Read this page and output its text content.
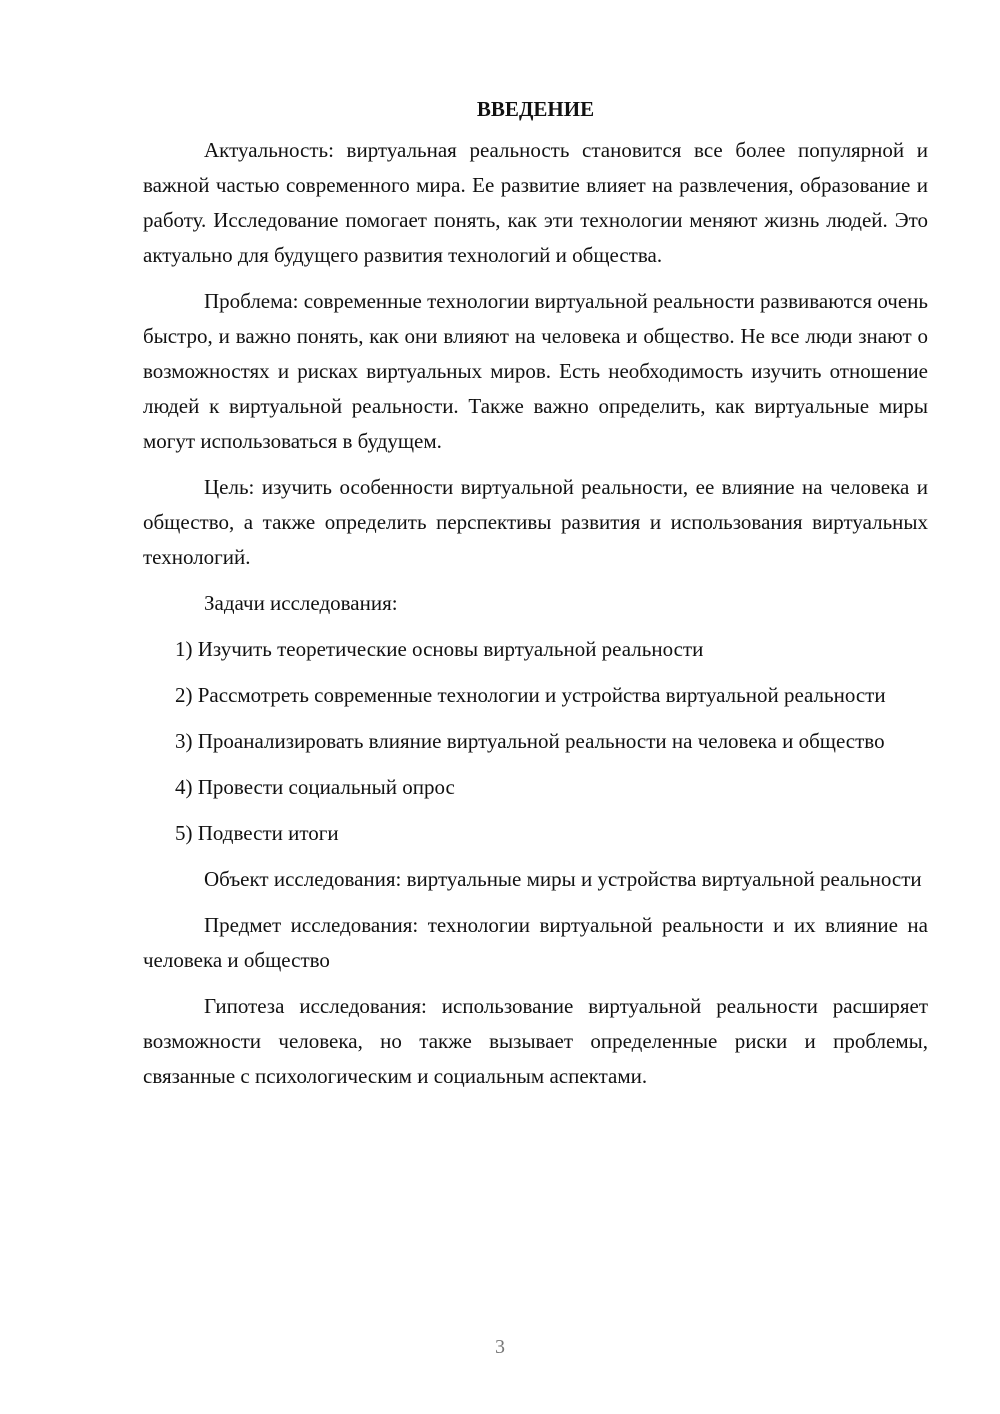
ВВЕДЕНИЕ

Актуальность: виртуальная реальность становится все более популярной и важной частью современного мира. Ее развитие влияет на развлечения, образование и работу. Исследование помогает понять, как эти технологии меняют жизнь людей. Это актуально для будущего развития технологий и общества.

Проблема: современные технологии виртуальной реальности развиваются очень быстро, и важно понять, как они влияют на человека и общество. Не все люди знают о возможностях и рисках виртуальных миров. Есть необходимость изучить отношение людей к виртуальной реальности. Также важно определить, как виртуальные миры могут использоваться в будущем.

Цель: изучить особенности виртуальной реальности, ее влияние на человека и общество, а также определить перспективы развития и использования виртуальных технологий.

Задачи исследования:

1) Изучить теоретические основы виртуальной реальности

2) Рассмотреть современные технологии и устройства виртуальной реальности

3) Проанализировать влияние виртуальной реальности на человека и общество

4) Провести социальный опрос

5) Подвести итоги

Объект исследования: виртуальные миры и устройства виртуальной реальности

Предмет исследования: технологии виртуальной реальности и их влияние на человека и общество

Гипотеза исследования: использование виртуальной реальности расширяет возможности человека, но также вызывает определенные риски и проблемы, связанные с психологическим и социальным аспектами.

3
